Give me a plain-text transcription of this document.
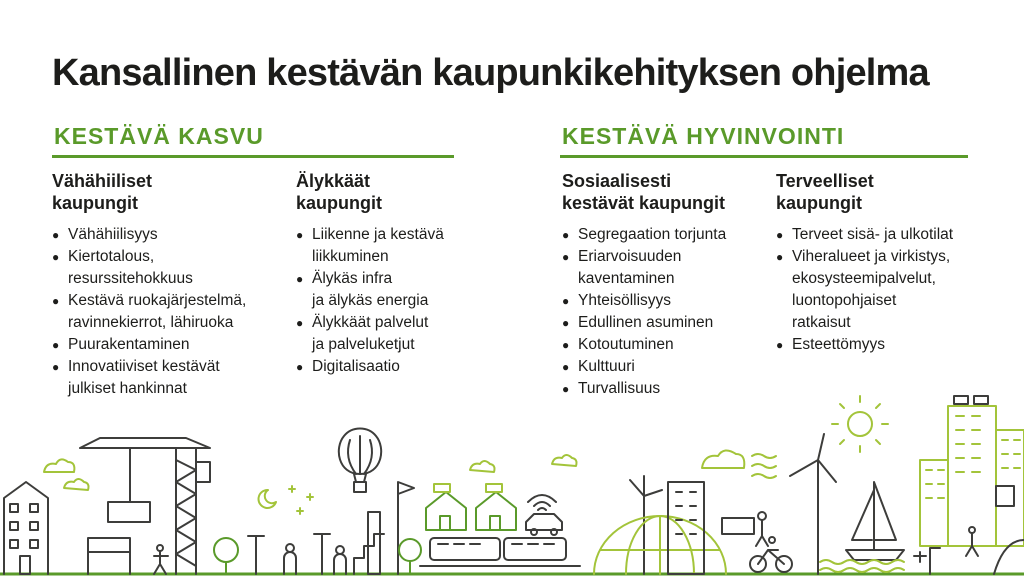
Kansallinen kestävän kaupunkikehityksen ohjelma
KESTÄVÄ KASVU	KESTÄVÄ HYVINVOINTI
Vähähiiliset
kaupungit
● Vähähiilisyys
● Kiertotalous,
resurssitehokkuus
● Kestävä ruokajärjestelmä,
ravinnekierrot, lähiruoka
● Puurakentaminen
● Innovatiiviset kestävät
julkiset hankinnat
Älykkäät
kaupungit
● Liikenne ja kestävä
liikkuminen
● Älykäs infra
ja älykäs energia
● Älykkäät palvelut
ja palveluketjut
● Digitalisaatio
Sosiaalisesti
kestävät kaupungit
● Segregaation torjunta
● Eriarvoisuuden
kaventaminen
● Yhteisöllisyys
● Edullinen asuminen
● Kotoutuminen
● Kulttuuri
● Turvallisuus
Terveelliset
kaupungit
● Terveet sisä- ja ulkotilat
● Viheralueet ja virkistys,
ekosysteemipalvelut,
luontopohjaiset
ratkaisut
● Esteettömyys
